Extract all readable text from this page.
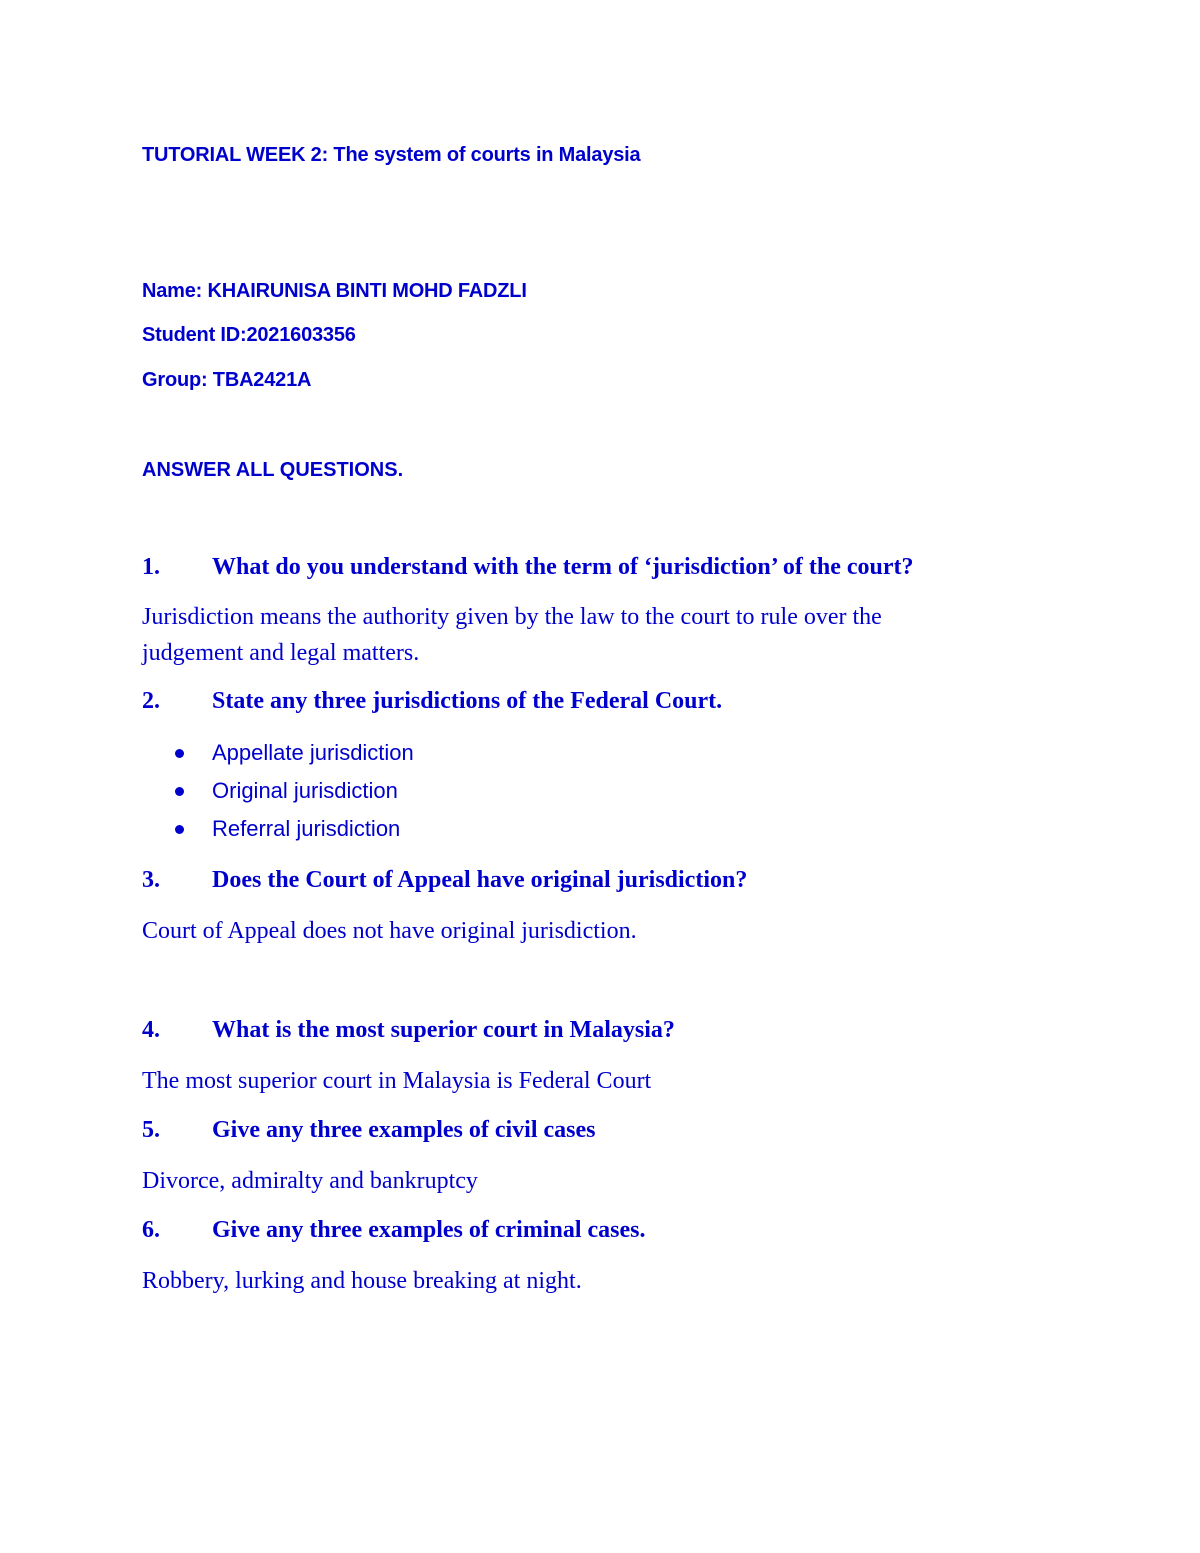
TUTORIAL WEEK 2: The system of courts in Malaysia
Name: KHAIRUNISA BINTI MOHD FADZLI
Student ID:2021603356
Group: TBA2421A
ANSWER ALL QUESTIONS.
1. What do you understand with the term of ‘jurisdiction’ of the court?
Jurisdiction means the authority given by the law to the court to rule over the
judgement and legal matters.
2. State any three jurisdictions of the Federal Court.
Appellate jurisdiction
Original jurisdiction
Referral jurisdiction
3. Does the Court of Appeal have original jurisdiction?
Court of Appeal does not have original jurisdiction.
4. What is the most superior court in Malaysia?
The most superior court in Malaysia is Federal Court
5. Give any three examples of civil cases
Divorce, admiralty and bankruptcy
6. Give any three examples of criminal cases.
Robbery, lurking and house breaking at night.
